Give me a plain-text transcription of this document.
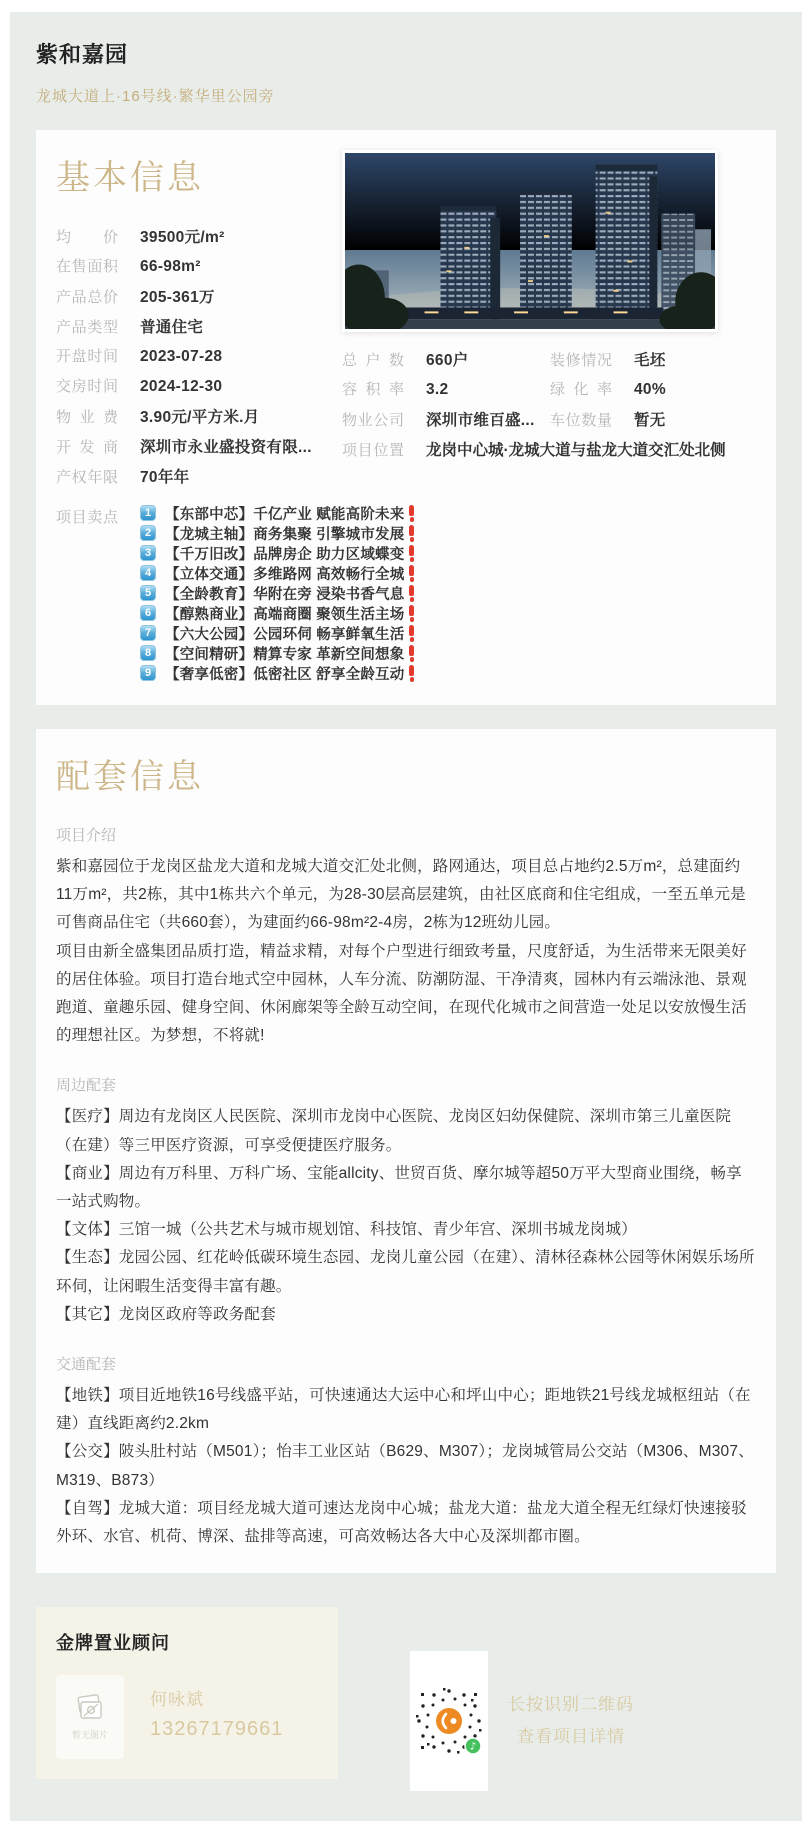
紫和嘉园
龙城大道上·16号线·繁华里公园旁
基本信息
均价 39500元/m²
在售面积 66-98m²
产品总价 205-361万
产品类型 普通住宅
开盘时间 2023-07-28
交房时间 2024-12-30
物业费 3.90元/平方米.月
开发商 深圳市永业盛投资有限...
产权年限 70年年
总户数 660户	装修情况 毛坯
容积率 3.2	绿化率 40%
物业公司 深圳市维百盛... 车位数量 暂无
项目位置 龙岗中心城·龙城大道与盐龙大道交汇处北侧
项目卖点	1 【东部中芯】千亿产业 赋能高阶未来
2 【龙城主轴】商务集聚 引擎城市发展
3 【千万旧改】品牌房企 助力区域蝶变
4 【立体交通】多维路网 高效畅行全城
5 【全龄教育】华附在旁 浸染书香气息
6 【醇熟商业】高端商圈 聚领生活主场
7 【六大公园】公园环伺 畅享鲜氧生活
8 【空间精研】精算专家 革新空间想象
9 【奢享低密】低密社区 舒享全龄互动
配套信息
项目介绍

紫和嘉园位于龙岗区盐龙大道和龙城大道交汇处北侧，路网通达，项目总占地约2.5万m²，总建面约11万m²，共2栋，其中1栋共六个单元，为28-30层高层建筑，由社区底商和住宅组成，一至五单元是可售商品住宅（共660套），为建面约66-98m²2-4房，2栋为12班幼儿园。

项目由新全盛集团品质打造，精益求精，对每个户型进行细致考量，尺度舒适，为生活带来无限美好的居住体验。项目打造台地式空中园林，人车分流、防潮防湿、干净清爽，园林内有云端泳池、景观跑道、童趣乐园、健身空间、休闲廊架等全龄互动空间，在现代化城市之间营造一处足以安放慢生活的理想社区。为梦想，不将就!

周边配套

【医疗】周边有龙岗区人民医院、深圳市龙岗中心医院、龙岗区妇幼保健院、深圳市第三儿童医院（在建）等三甲医疗资源，可享受便捷医疗服务。

【商业】周边有万科里、万科广场、宝能allcity、世贸百货、摩尔城等超50万平大型商业围绕，畅享一站式购物。

【文体】三馆一城（公共艺术与城市规划馆、科技馆、青少年宫、深圳书城龙岗城）

【生态】龙园公园、红花岭低碳环境生态园、龙岗儿童公园（在建）、清林径森林公园等休闲娱乐场所环伺，让闲暇生活变得丰富有趣。

【其它】龙岗区政府等政务配套

交通配套

【地铁】项目近地铁16号线盛平站，可快速通达大运中心和坪山中心；距地铁21号线龙城枢纽站（在建）直线距离约2.2km

【公交】陂头肚村站（M501）；怡丰工业区站（B629、M307）；龙岗城管局公交站（M306、M307、M319、B873）

【自驾】龙城大道：项目经龙城大道可速达龙岗中心城；盐龙大道：盐龙大道全程无红绿灯快速接驳外环、水官、机荷、博深、盐排等高速，可高效畅达各大中心及深圳都市圈。

金牌置业顾问
暂无图片
何咏斌
13267179661
♪
长按识别二维码
查看项目详情
